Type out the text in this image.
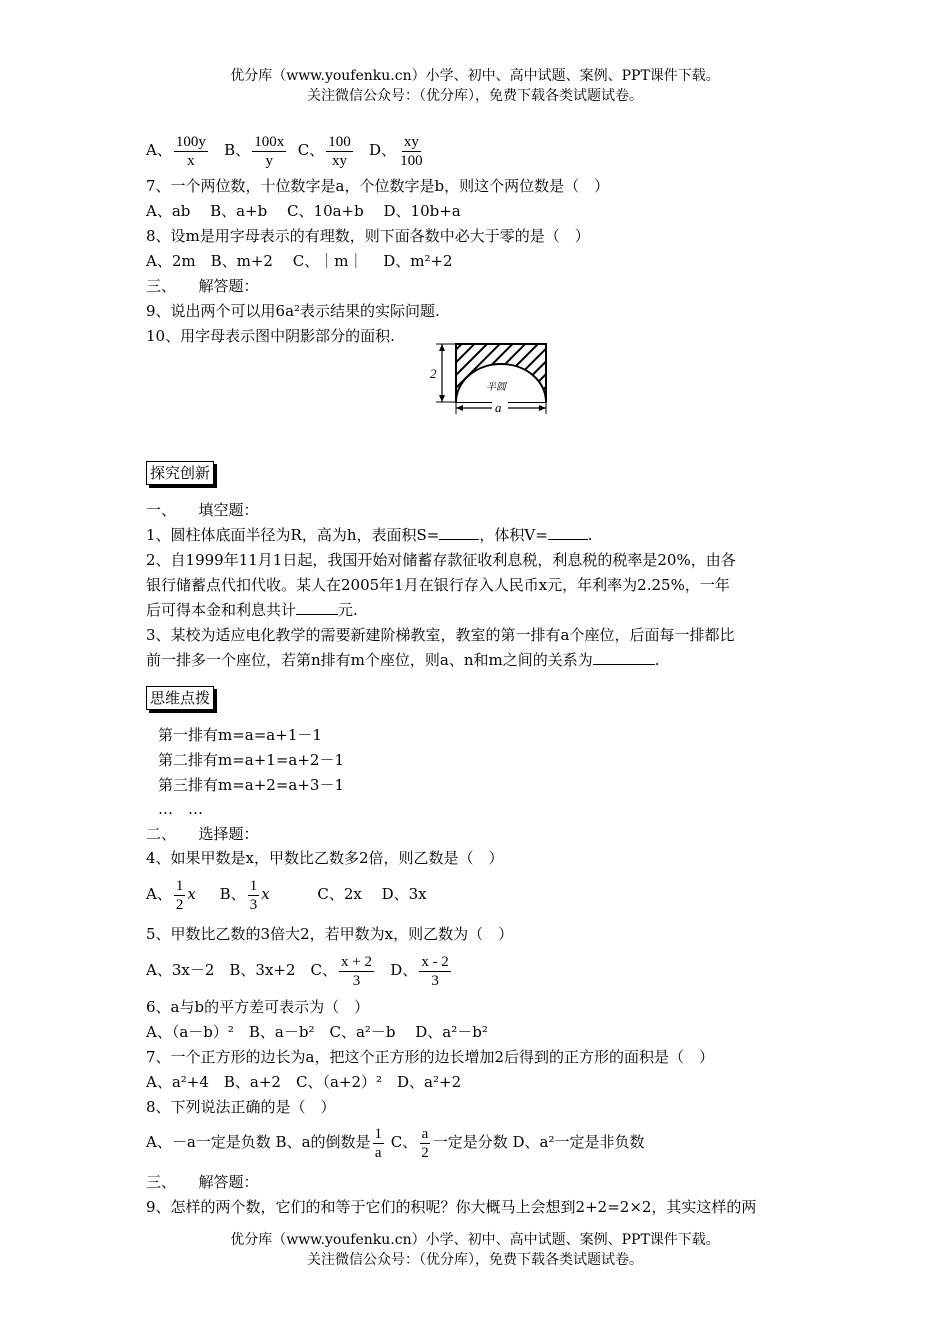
优分库（www.youfenku.cn）小学、初中、高中试题、案例、PPT课件下载。
关注微信公众号：（优分库），免费下载各类试题试卷。
A、 $\frac{100y}{x}$ B、 $\frac{100x}{y}$ C、 $\frac{100}{xy}$ D、 $\frac{xy}{100}$
7、一个两位数，十位数字是a，个位数字是b，则这个两位数是（　）
A、ab　 B、a+b　 C、10a+b　 D、10b+a
8、设m是用字母表示的有理数，则下面各数中必大于零的是（　）
A、2m　B、m+2　 C、｜m｜　 D、m²+2
三、　　解答题：
9、说出两个可以用6a²表示结果的实际问题.
10、用字母表示图中阴影部分的面积.
2
a
半圆
探究创新
一、　　填空题：
1、圆柱体底面半径为R，高为h，表面积S=	，体积V=	.
2、自1999年11月1日起，我国开始对储蓄存款征收利息税，利息税的税率是20%，由各
银行储蓄点代扣代收。某人在2005年1月在银行存入人民币x元，年利率为2.25%，一年
后可得本金和利息共计	元.
3、某校为适应电化教学的需要新建阶梯教室，教室的第一排有a个座位，后面每一排都比
前一排多一个座位，若第n排有m个座位，则a、n和m之间的关系为	.
思维点拨
第一排有m=a=a+1－1
第二排有m=a+1=a+2－1
第三排有m=a+2=a+3－1
…　…
二、　　选择题：
4、如果甲数是x，甲数比乙数多2倍，则乙数是（　）
A、 $\frac{1}{2}$ x B、 $\frac{1}{3}$ x	C、2x　 D、3x
5、甲数比乙数的3倍大2，若甲数为x，则乙数为（　）
A、3x－2　B、3x+2　C、 $\frac{x + 2}{3}$ D、 $\frac{x - 2}{3}$
6、a与b的平方差可表示为（　）
A、（a－b）²　B、a－b²　C、a²－b　 D、a²－b²
7、一个正方形的边长为a，把这个正方形的边长增加2后得到的正方形的面积是（　）
A、a²+4　B、a+2　C、（a+2）²　D、a²+2
8、下列说法正确的是（　）
A、－a一定是负数 B、a的倒数是 $\frac{1}{a}$ C、 $\frac{a}{2}$ 一定是分数 D、a²一定是非负数
三、　　解答题：
9、怎样的两个数，它们的和等于它们的积呢？你大概马上会想到2+2=2×2，其实这样的两
优分库（www.youfenku.cn）小学、初中、高中试题、案例、PPT课件下载。
关注微信公众号：（优分库），免费下载各类试题试卷。
